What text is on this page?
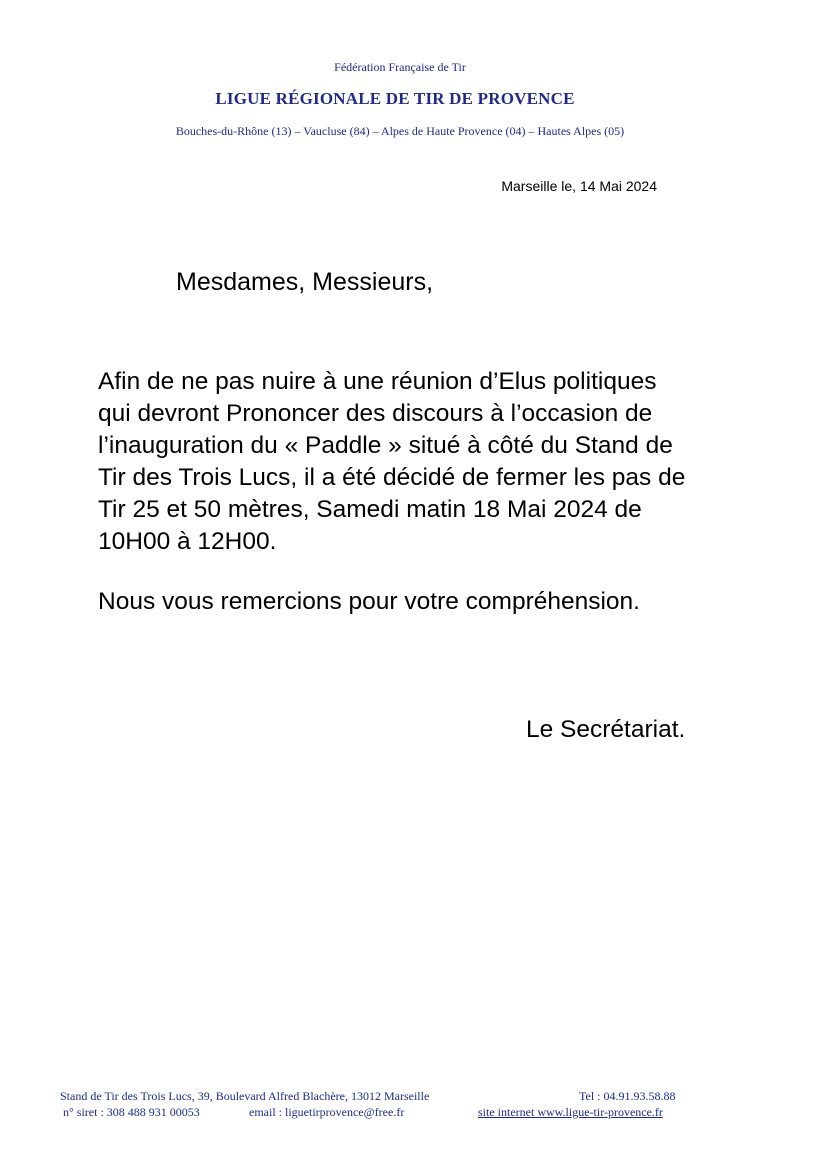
Fédération Française de Tir
LIGUE RÉGIONALE DE TIR DE PROVENCE
Bouches-du-Rhône (13) – Vaucluse (84) – Alpes de Haute Provence (04) – Hautes Alpes (05)
Marseille le, 14 Mai 2024
Mesdames, Messieurs,

Afin de ne pas nuire à une réunion d’Elus politiques

qui devront Prononcer des discours à l’occasion de

l’inauguration du « Paddle » situé à côté du Stand de

Tir des Trois Lucs, il a été décidé de fermer les pas de

Tir 25 et 50 mètres, Samedi matin 18 Mai 2024 de

10H00 à 12H00.

Nous vous remercions pour votre compréhension.
Le Secrétariat.
Stand de Tir des Trois Lucs, 39, Boulevard Alfred Blachère, 13012 Marseille	Tel : 04.91.93.58.88
n° siret : 308 488 931 00053	email : liguetirprovence@free.fr	site internet www.ligue-tir-provence.fr
